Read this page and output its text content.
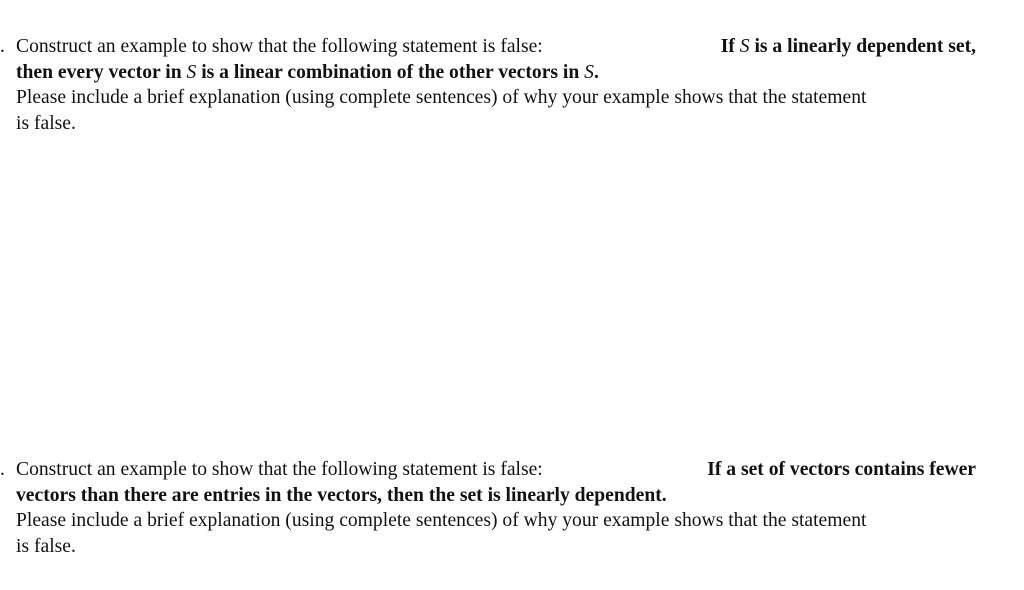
. Construct an example to show that the following statement is false:	If S is a linearly dependent set,
then every vector in S is a linear combination of the other vectors in S.
Please include a brief explanation (using complete sentences) of why your example shows that the statement
is false.
. Construct an example to show that the following statement is false:	If a set of vectors contains fewer
vectors than there are entries in the vectors, then the set is linearly dependent.
Please include a brief explanation (using complete sentences) of why your example shows that the statement
is false.
